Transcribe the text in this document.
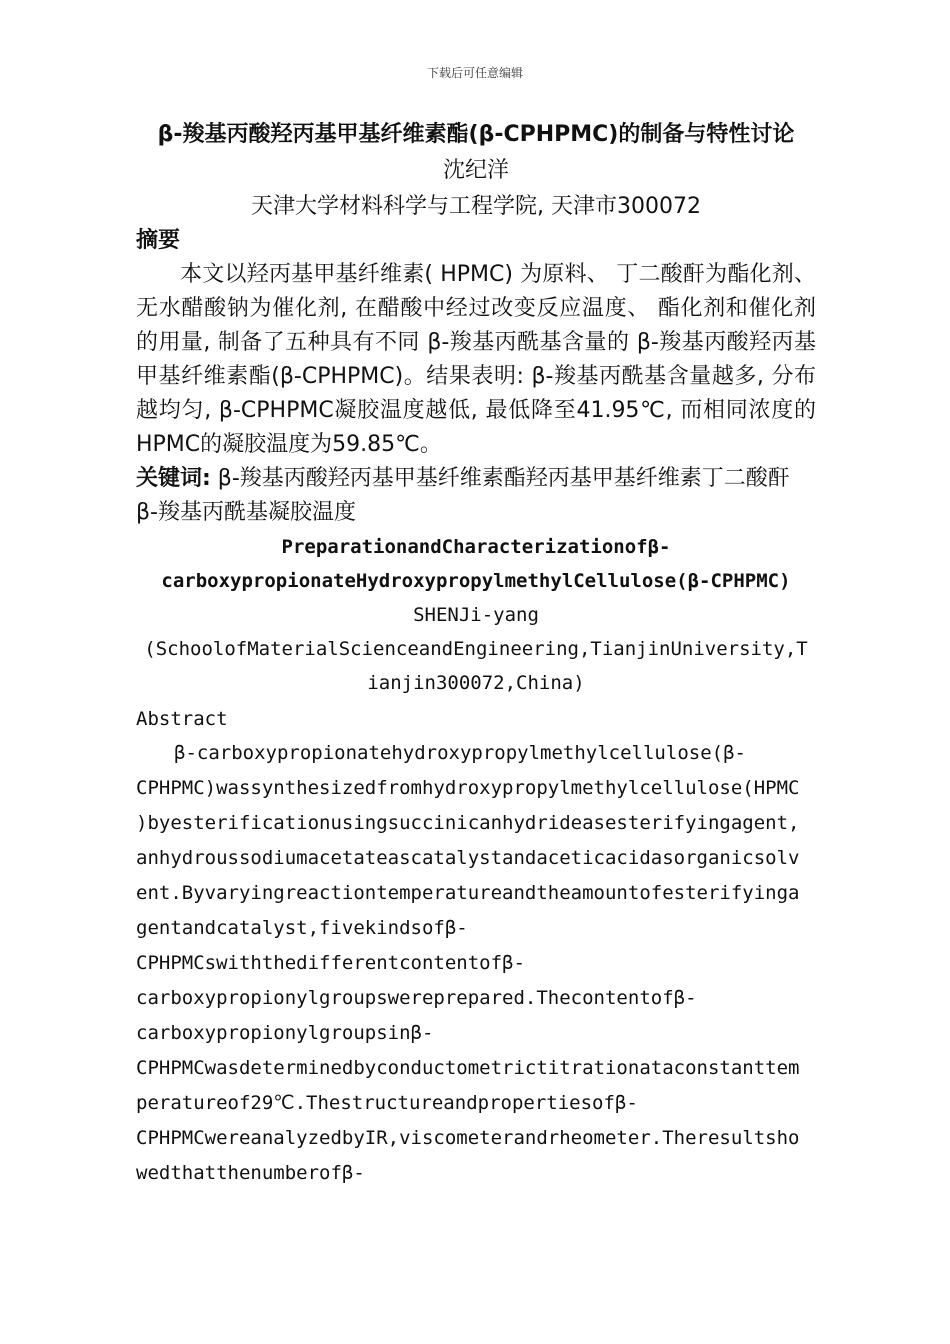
下载后可任意编辑
β-羧基丙酸羟丙基甲基纤维素酯(β-CPHPMC)的制备与特性讨论
沈纪洋
天津大学材料科学与工程学院, 天津市300072
摘要

本文以羟丙基甲基纤维素( HPMC) 为原料、 丁二酸酐为酯化剂、 无水醋酸钠为催化剂, 在醋酸中经过改变反应温度、 酯化剂和催化剂的用量, 制备了五种具有不同 β-羧基丙酰基含量的 β-羧基丙酸羟丙基甲基纤维素酯(β-CPHPMC)。结果表明: β-羧基丙酰基含量越多, 分布越均匀, β-CPHPMC凝胶温度越低, 最低降至41.95℃, 而相同浓度的HPMC的凝胶温度为59.85℃。

关键词: β-羧基丙酸羟丙基甲基纤维素酯羟丙基甲基纤维素丁二酸酐 β-羧基丙酰基凝胶温度

PreparationandCharacterizationofβ-
carboxypropionateHydroxypropylmethylCellulose(β-CPHPMC)
SHENJi-yang
(SchoolofMaterialScienceandEngineering,TianjinUniversity,T
ianjin300072,China)
Abstract
β-carboxypropionatehydroxypropylmethylcellulose(β-
CPHPMC)wassynthesizedfromhydroxypropylmethylcellulose(HPMC
)byesterificationusingsuccinicanhydrideasesterifyingagent,
anhydroussodiumacetateascatalystandaceticacidasorganicsolv
ent.Byvaryingreactiontemperatureandtheamountofesterifyinga
gentandcatalyst,fivekindsofβ-
CPHPMCswiththedifferentcontentofβ-
carboxypropionylgroupswereprepared.Thecontentofβ-
carboxypropionylgroupsinβ-
CPHPMCwasdeterminedbyconductometrictitrationataconstanttem
peratureof29℃.Thestructureandpropertiesofβ-
CPHPMCwereanalyzedbyIR,viscometerandrheometer.Theresultsho
wedthatthenumberofβ-
